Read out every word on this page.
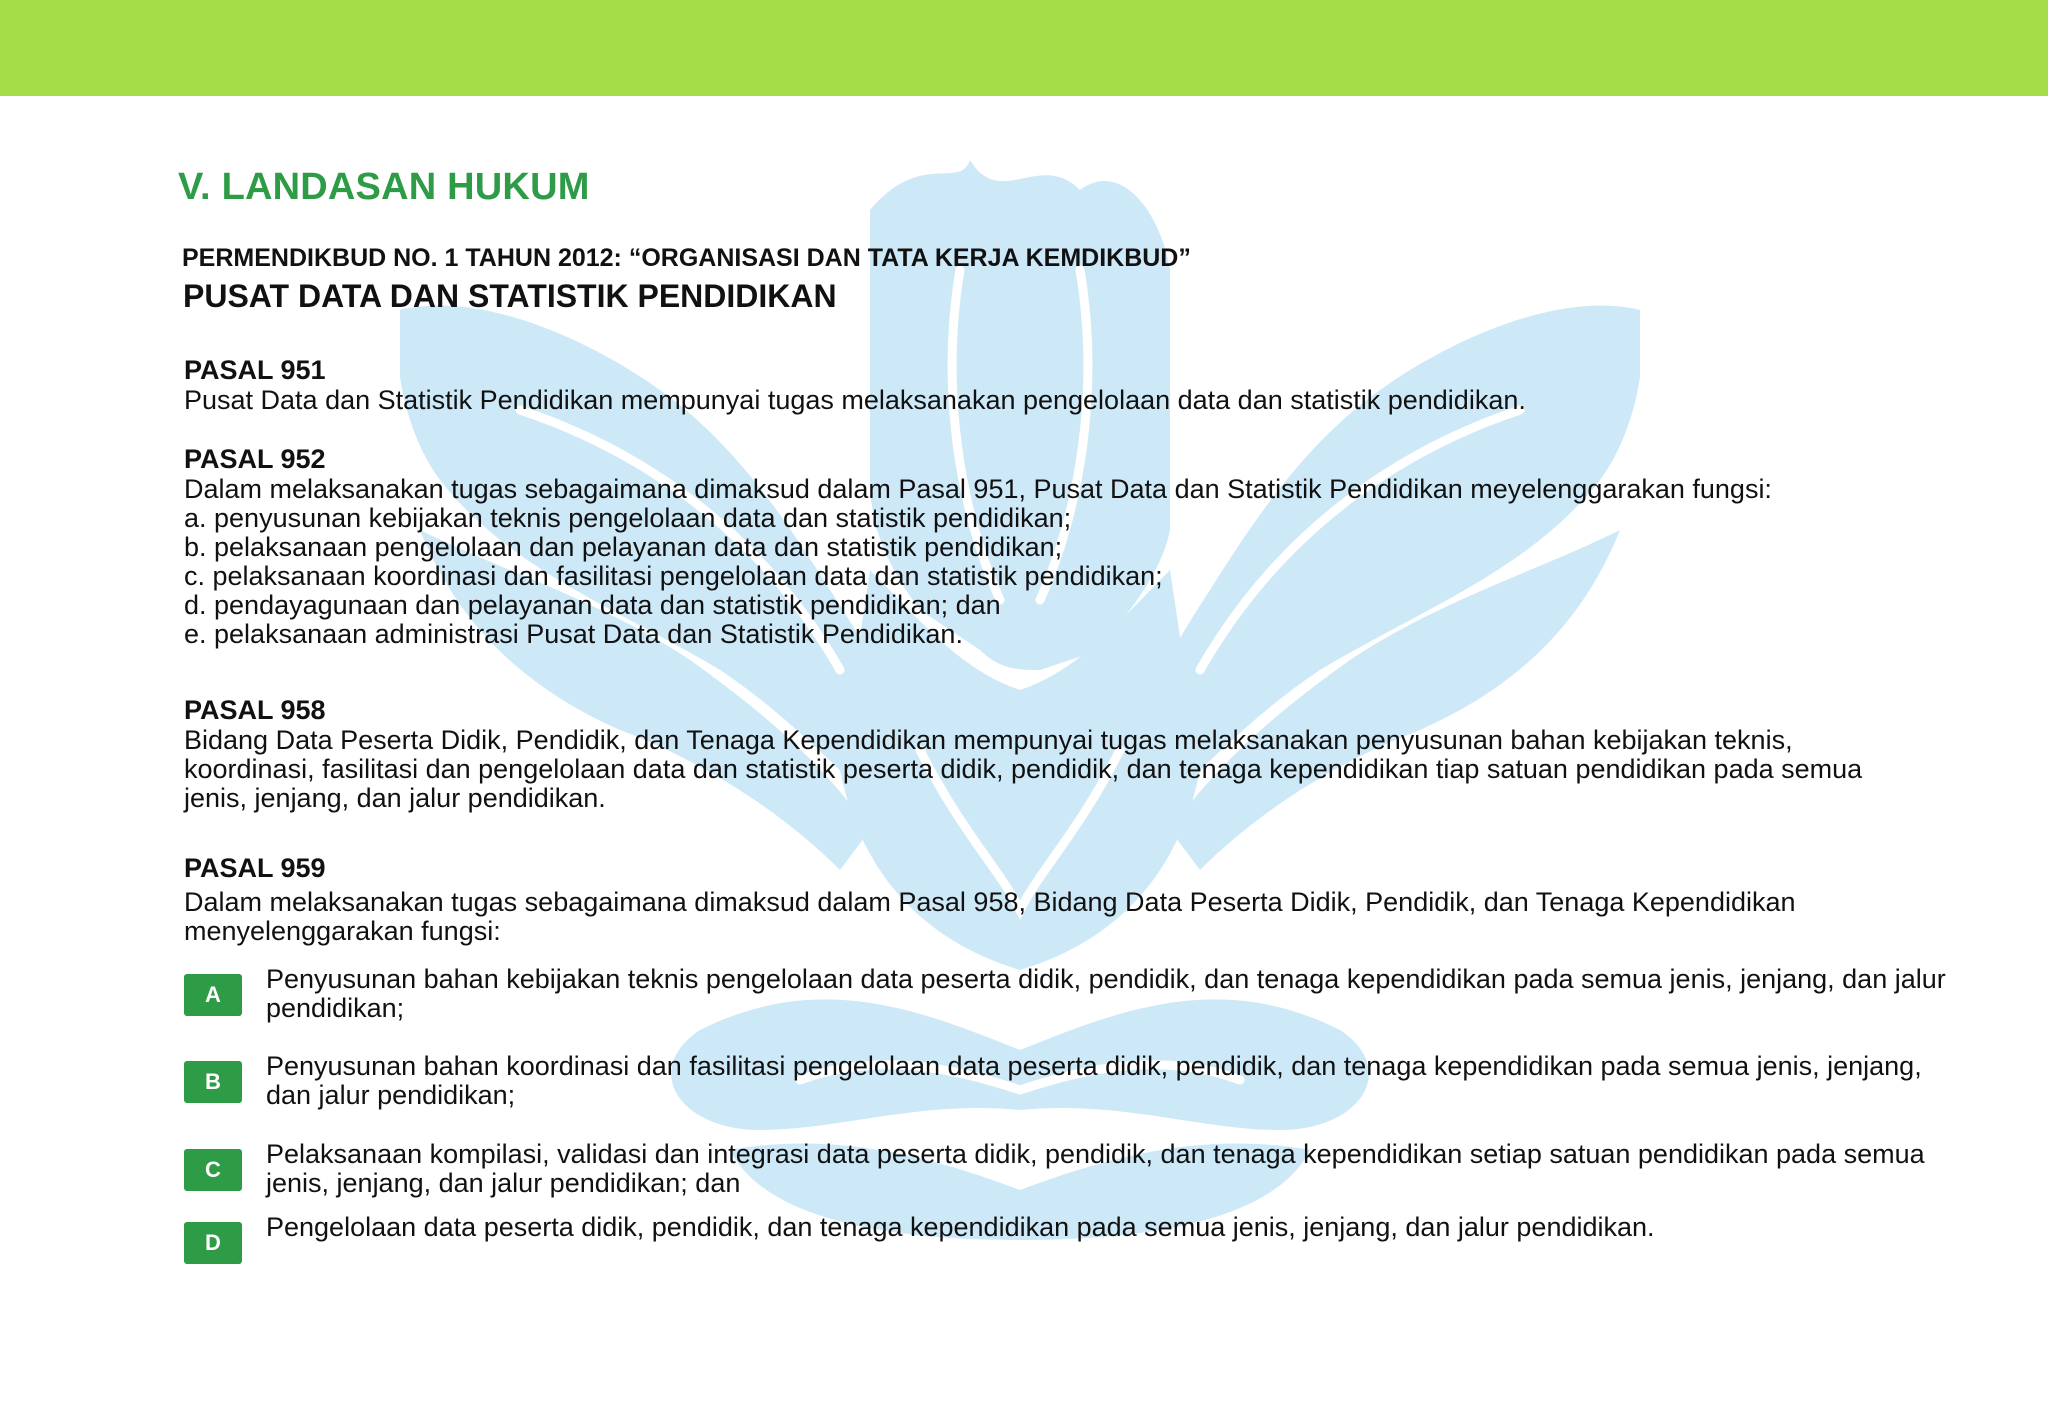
V. LANDASAN HUKUM
PERMENDIKBUD NO. 1 TAHUN 2012: “ORGANISASI DAN TATA KERJA KEMDIKBUD”
PUSAT DATA DAN STATISTIK PENDIDIKAN

PASAL 951

Pusat Data dan Statistik Pendidikan mempunyai tugas melaksanakan pengelolaan data dan statistik pendidikan.

PASAL 952

Dalam melaksanakan tugas sebagaimana dimaksud dalam Pasal 951, Pusat Data dan Statistik Pendidikan meyelenggarakan fungsi:

a. penyusunan kebijakan teknis pengelolaan data dan statistik pendidikan;
b. pelaksanaan pengelolaan dan pelayanan data dan statistik pendidikan;
c. pelaksanaan koordinasi dan fasilitasi pengelolaan data dan statistik pendidikan;
d. pendayagunaan dan pelayanan data dan statistik pendidikan; dan
e. pelaksanaan administrasi Pusat Data dan Statistik Pendidikan.

PASAL 958

Bidang Data Peserta Didik, Pendidik, dan Tenaga Kependidikan mempunyai tugas melaksanakan penyusunan bahan kebijakan teknis, koordinasi, fasilitasi dan pengelolaan data dan statistik peserta didik, pendidik, dan tenaga kependidikan tiap satuan pendidikan pada semua jenis, jenjang, dan jalur pendidikan.

PASAL 959

Dalam melaksanakan tugas sebagaimana dimaksud dalam Pasal 958, Bidang Data Peserta Didik, Pendidik, dan Tenaga Kependidikan menyelenggarakan fungsi:

A

Penyusunan bahan kebijakan teknis pengelolaan data peserta didik, pendidik, dan tenaga kependidikan pada semua jenis, jenjang, dan jalur pendidikan;

B

Penyusunan bahan koordinasi dan fasilitasi pengelolaan data peserta didik, pendidik, dan tenaga kependidikan pada semua jenis, jenjang, dan jalur pendidikan;

C

Pelaksanaan kompilasi, validasi dan integrasi data peserta didik, pendidik, dan tenaga kependidikan setiap satuan pendidikan pada semua jenis, jenjang, dan jalur pendidikan; dan

D

Pengelolaan data peserta didik, pendidik, dan tenaga kependidikan pada semua jenis, jenjang, dan jalur pendidikan.
